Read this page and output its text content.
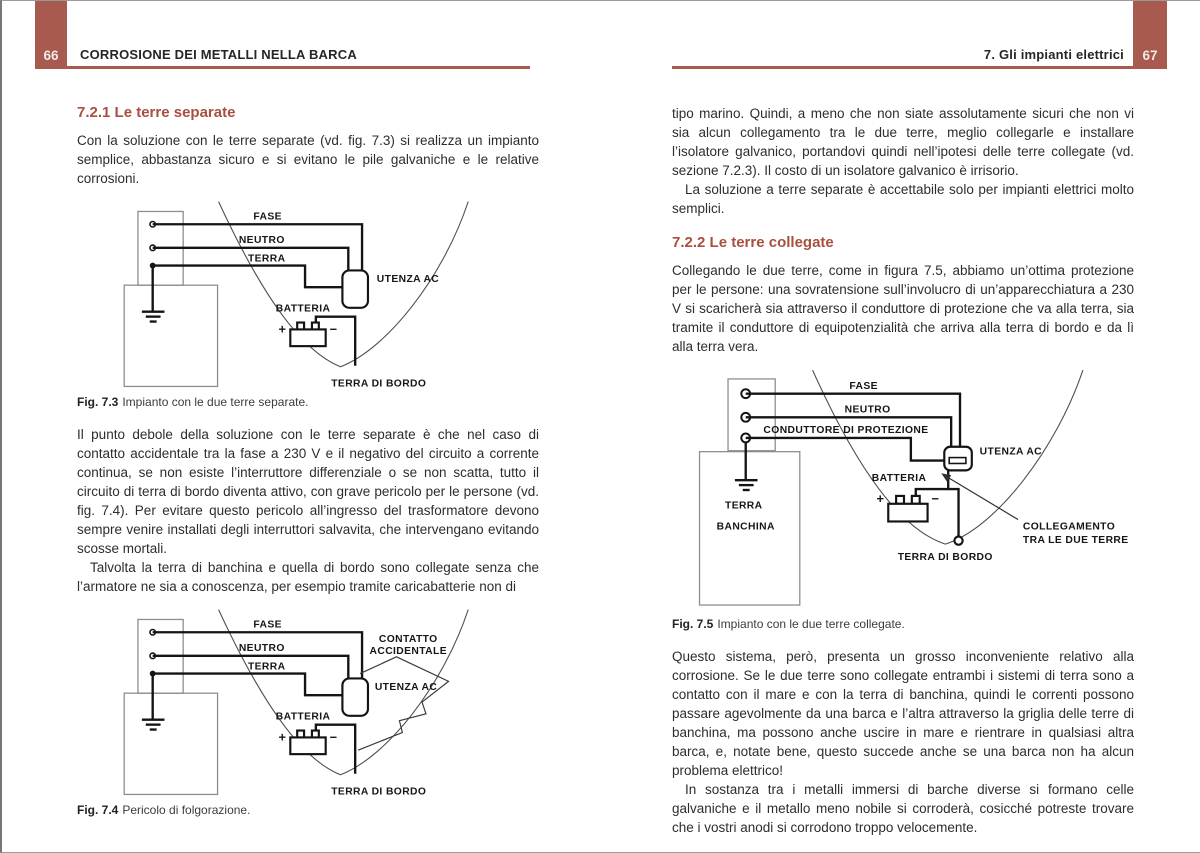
66	CORROSIONE DEI METALLI NELLA BARCA	67
7. Gli impianti elettrici
7.2.1 Le terre separate

Con la soluzione con le terre separate (vd. fig. 7.3) si realizza un impianto semplice, abbastanza sicuro e si evitano le pile galvaniche e le relative corrosioni.

FASE
NEUTRO
TERRA
UTENZA AC
BATTERIA
+	−
TERRA DI BORDO

Fig. 7.3 Impianto con le due terre separate.

Il punto debole della soluzione con le terre separate è che nel caso di contatto accidentale tra la fase a 230 V e il negativo del circuito a corrente continua, se non esiste l’interruttore differenziale o se non scatta, tutto il circuito di terra di bordo diventa attivo, con grave pericolo per le persone (vd. fig. 7.4). Per evitare questo pericolo all’ingresso del trasformatore devono sempre venire installati degli interruttori salvavita, che intervengano evitando scosse mortali.

Talvolta la terra di banchina e quella di bordo sono collegate senza che l’armatore ne sia a conoscenza, per esempio tramite caricabatterie non di

FASE
NEUTRO
TERRA
CONTATTO
ACCIDENTALE
UTENZA AC
BATTERIA
+	−
TERRA DI BORDO

Fig. 7.4 Pericolo di folgorazione.

tipo marino. Quindi, a meno che non siate assolutamente sicuri che non vi sia alcun collegamento tra le due terre, meglio collegarle e installare l’isolatore galvanico, portandovi quindi nell’ipotesi delle terre collegate (vd. sezione 7.2.3). Il costo di un isolatore galvanico è irrisorio.

La soluzione a terre separate è accettabile solo per impianti elettrici molto semplici.

7.2.2 Le terre collegate

Collegando le due terre, come in figura 7.5, abbiamo un’ottima protezione per le persone: una sovratensione sull’involucro di un’apparecchiatura a 230 V si scaricherà sia attraverso il conduttore di protezione che va alla terra, sia tramite il conduttore di equipotenzialità che arriva alla terra di bordo e da lì alla terra vera.

FASE
NEUTRO
CONDUTTORE DI PROTEZIONE
UTENZA AC
BATTERIA
+	−
TERRA
BANCHINA	COLLEGAMENTO
TRA LE DUE TERRE
TERRA DI BORDO

Fig. 7.5 Impianto con le due terre collegate.

Questo sistema, però, presenta un grosso inconveniente relativo alla corrosione. Se le due terre sono collegate entrambi i sistemi di terra sono a contatto con il mare e con la terra di banchina, quindi le correnti possono passare agevolmente da una barca e l’altra attraverso la griglia delle terre di banchina, ma possono anche uscire in mare e rientrare in qualsiasi altra barca, e, notate bene, questo succede anche se una barca non ha alcun problema elettrico!

In sostanza tra i metalli immersi di barche diverse si formano celle galvaniche e il metallo meno nobile si corroderà, cosicché potreste trovare che i vostri anodi si corrodono troppo velocemente.
